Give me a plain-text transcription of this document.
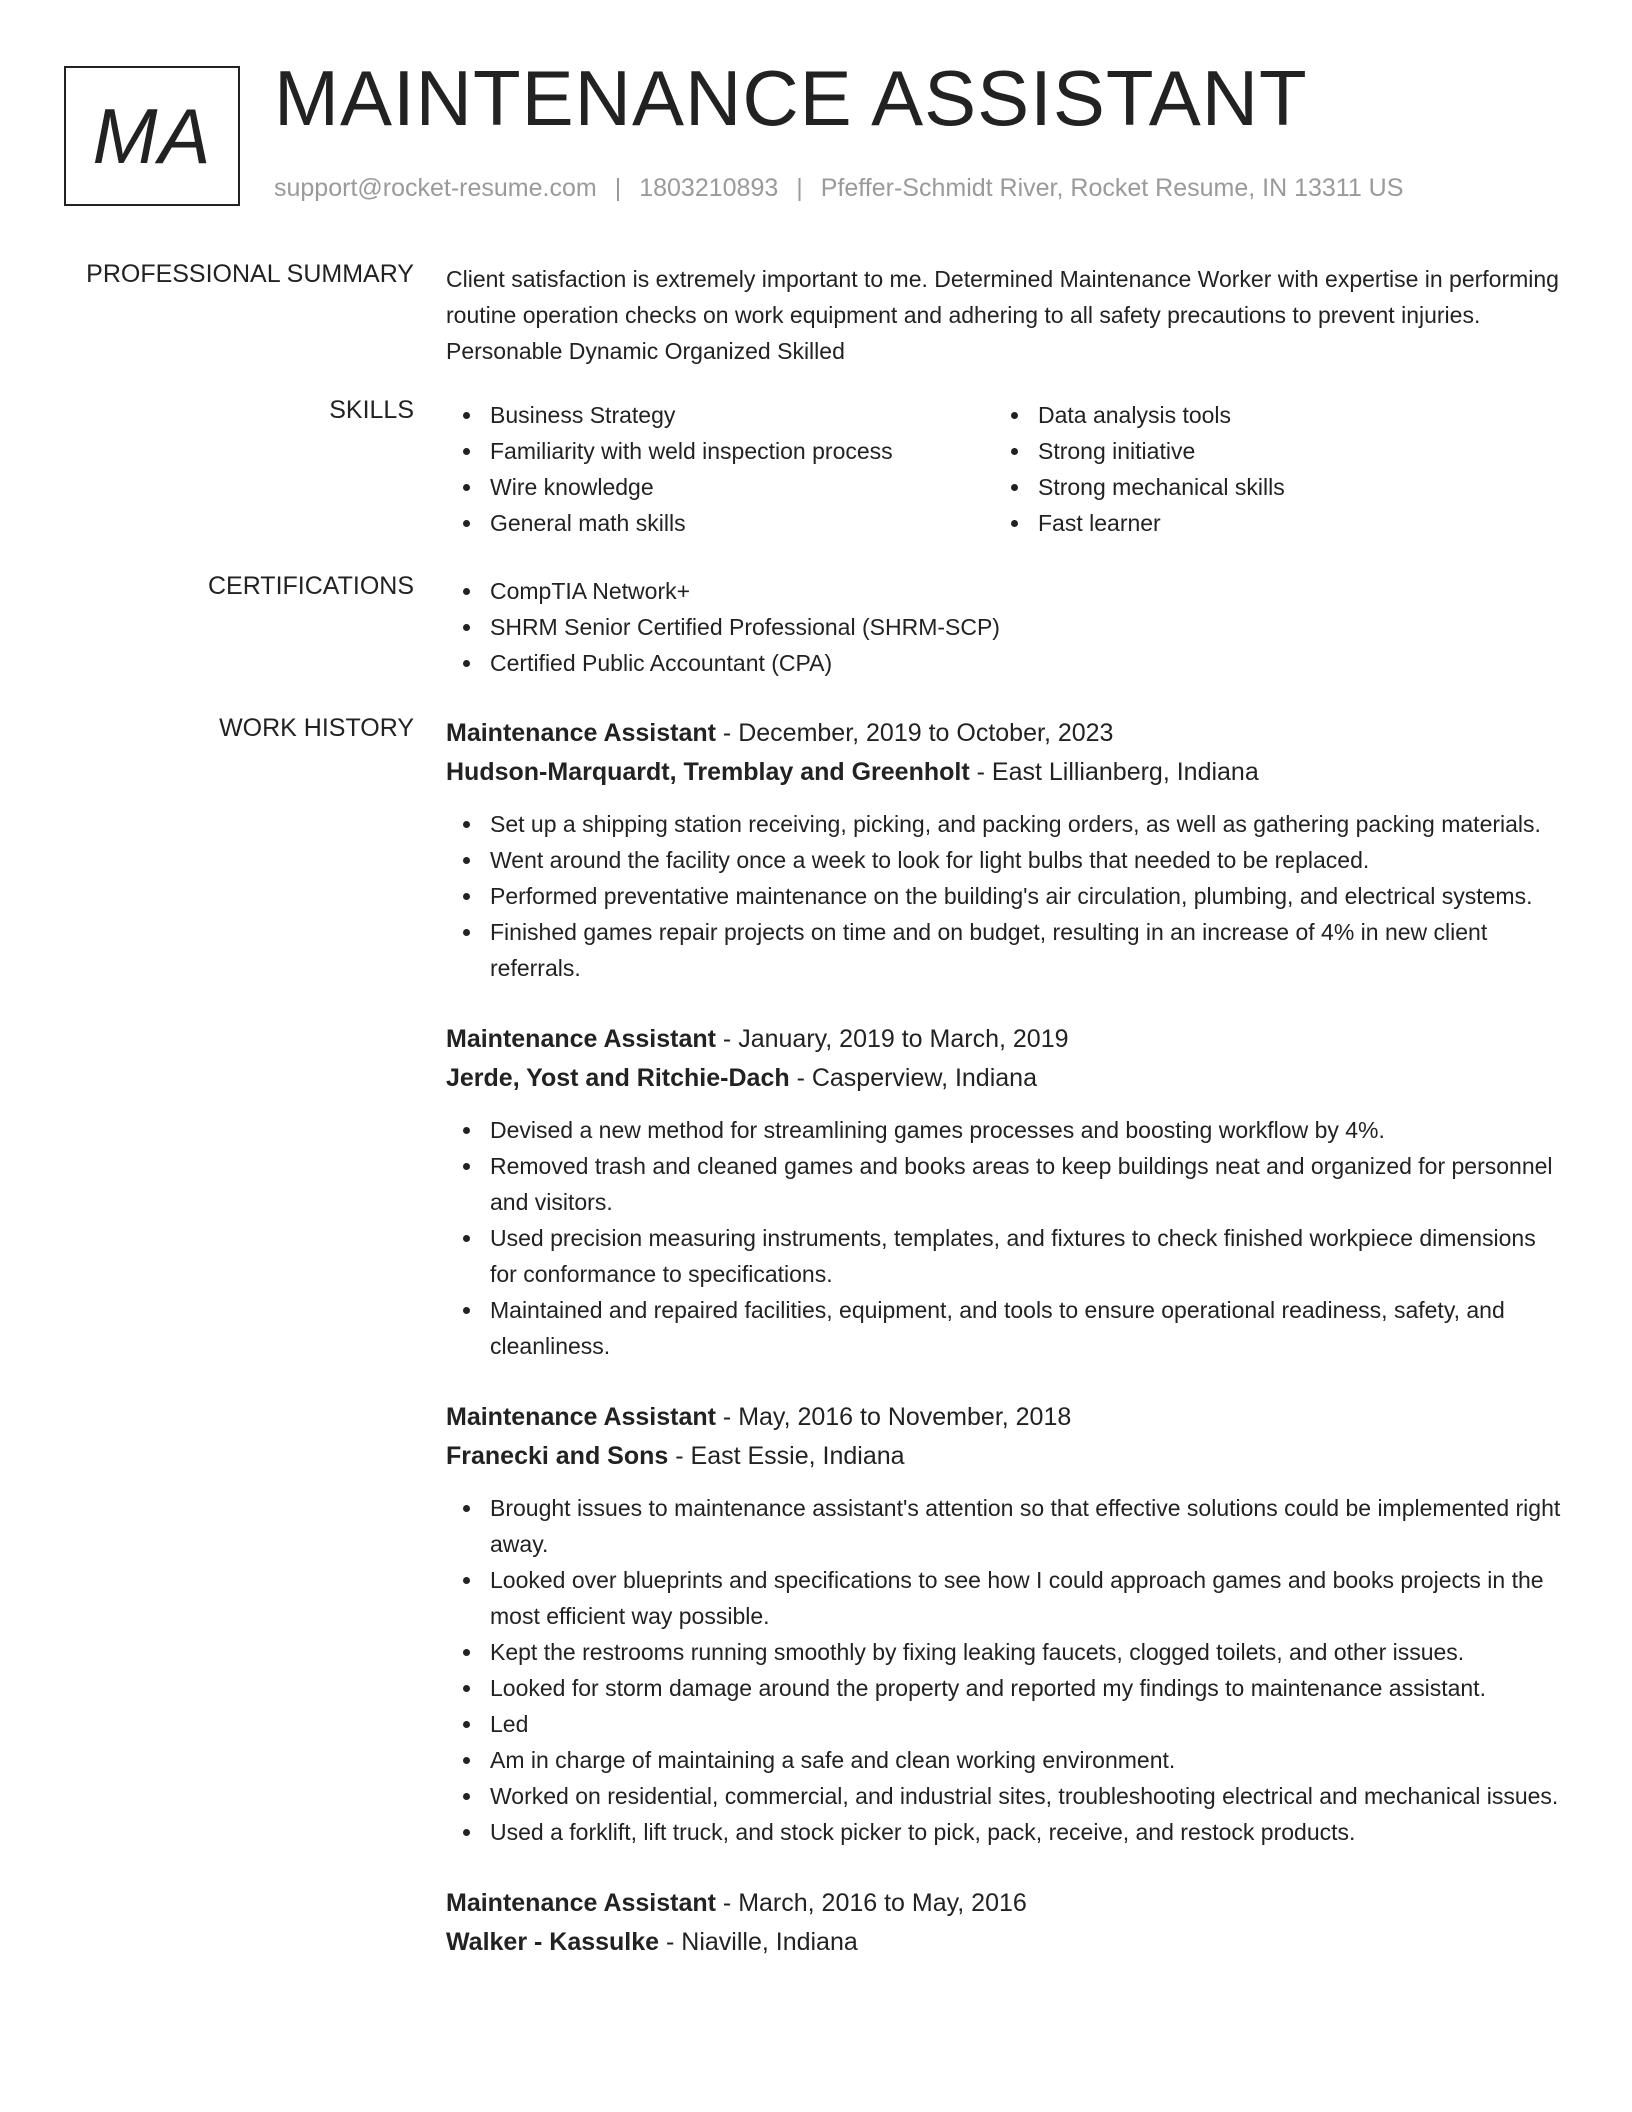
MA MAINTENANCE ASSISTANT
support@rocket-resume.com | 1803210893 | Pfeffer-Schmidt River, Rocket Resume, IN 13311 US
PROFESSIONAL SUMMARY Client satisfaction is extremely important to me. Determined Maintenance Worker with expertise in performing routine operation checks on work equipment and adhering to all safety precautions to prevent injuries. Personable Dynamic Organized Skilled

SKILLS	Business Strategy
Familiarity with weld inspection process
Wire knowledge
General math skills
Data analysis tools
Strong initiative
Strong mechanical skills
Fast learner
CERTIFICATIONS	CompTIA Network+
SHRM Senior Certified Professional (SHRM-SCP)
Certified Public Accountant (CPA)
WORK HISTORY Maintenance Assistant - December, 2019 to October, 2023
Hudson-Marquardt, Tremblay and Greenholt - East Lillianberg, Indiana
Set up a shipping station receiving, picking, and packing orders, as well as gathering packing materials.
Went around the facility once a week to look for light bulbs that needed to be replaced.
Performed preventative maintenance on the building's air circulation, plumbing, and electrical systems.
Finished games repair projects on time and on budget, resulting in an increase of 4% in new client referrals.
Maintenance Assistant - January, 2019 to March, 2019
Jerde, Yost and Ritchie-Dach - Casperview, Indiana
Devised a new method for streamlining games processes and boosting workflow by 4%.
Removed trash and cleaned games and books areas to keep buildings neat and organized for personnel and visitors.
Used precision measuring instruments, templates, and fixtures to check finished workpiece dimensions for conformance to specifications.
Maintained and repaired facilities, equipment, and tools to ensure operational readiness, safety, and cleanliness.
Maintenance Assistant - May, 2016 to November, 2018
Franecki and Sons - East Essie, Indiana
Brought issues to maintenance assistant's attention so that effective solutions could be implemented right away.
Looked over blueprints and specifications to see how I could approach games and books projects in the most efficient way possible.
Kept the restrooms running smoothly by fixing leaking faucets, clogged toilets, and other issues.
Looked for storm damage around the property and reported my findings to maintenance assistant.
Led
Am in charge of maintaining a safe and clean working environment.
Worked on residential, commercial, and industrial sites, troubleshooting electrical and mechanical issues.
Used a forklift, lift truck, and stock picker to pick, pack, receive, and restock products.
Maintenance Assistant - March, 2016 to May, 2016
Walker - Kassulke - Niaville, Indiana
